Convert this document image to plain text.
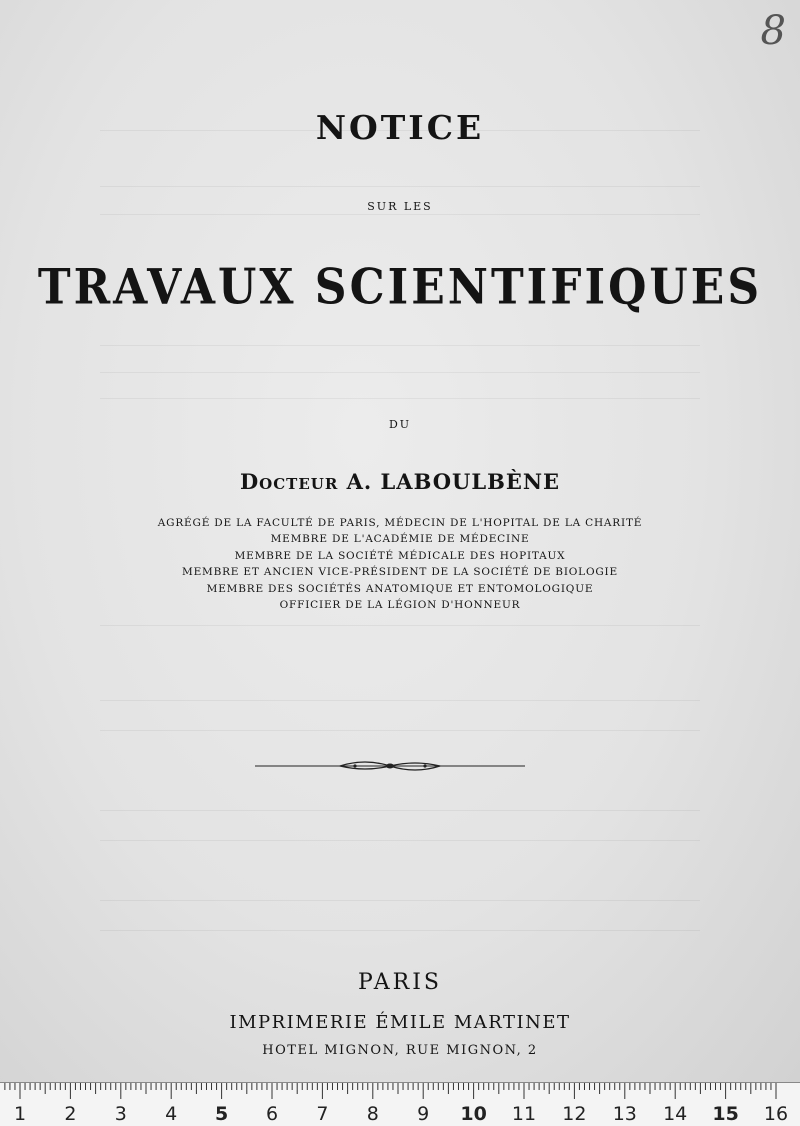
8
NOTICE
SUR LES
TRAVAUX SCIENTIFIQUES
DU
Docteur A. LABOULBÈNE
AGRÉGÉ DE LA FACULTÉ DE PARIS, MÉDECIN DE L'HOPITAL DE LA CHARITÉ
MEMBRE DE L'ACADÉMIE DE MÉDECINE
MEMBRE DE LA SOCIÉTÉ MÉDICALE DES HOPITAUX
MEMBRE ET ANCIEN VICE-PRÉSIDENT DE LA SOCIÉTÉ DE BIOLOGIE
MEMBRE DES SOCIÉTÉS ANATOMIQUE ET ENTOMOLOGIQUE
OFFICIER DE LA LÉGION D'HONNEUR
PARIS
IMPRIMERIE ÉMILE MARTINET
HOTEL MIGNON, RUE MIGNON, 2
1 2 3 4 5 6 7 8 9 10 11 12 13 14 15 16
